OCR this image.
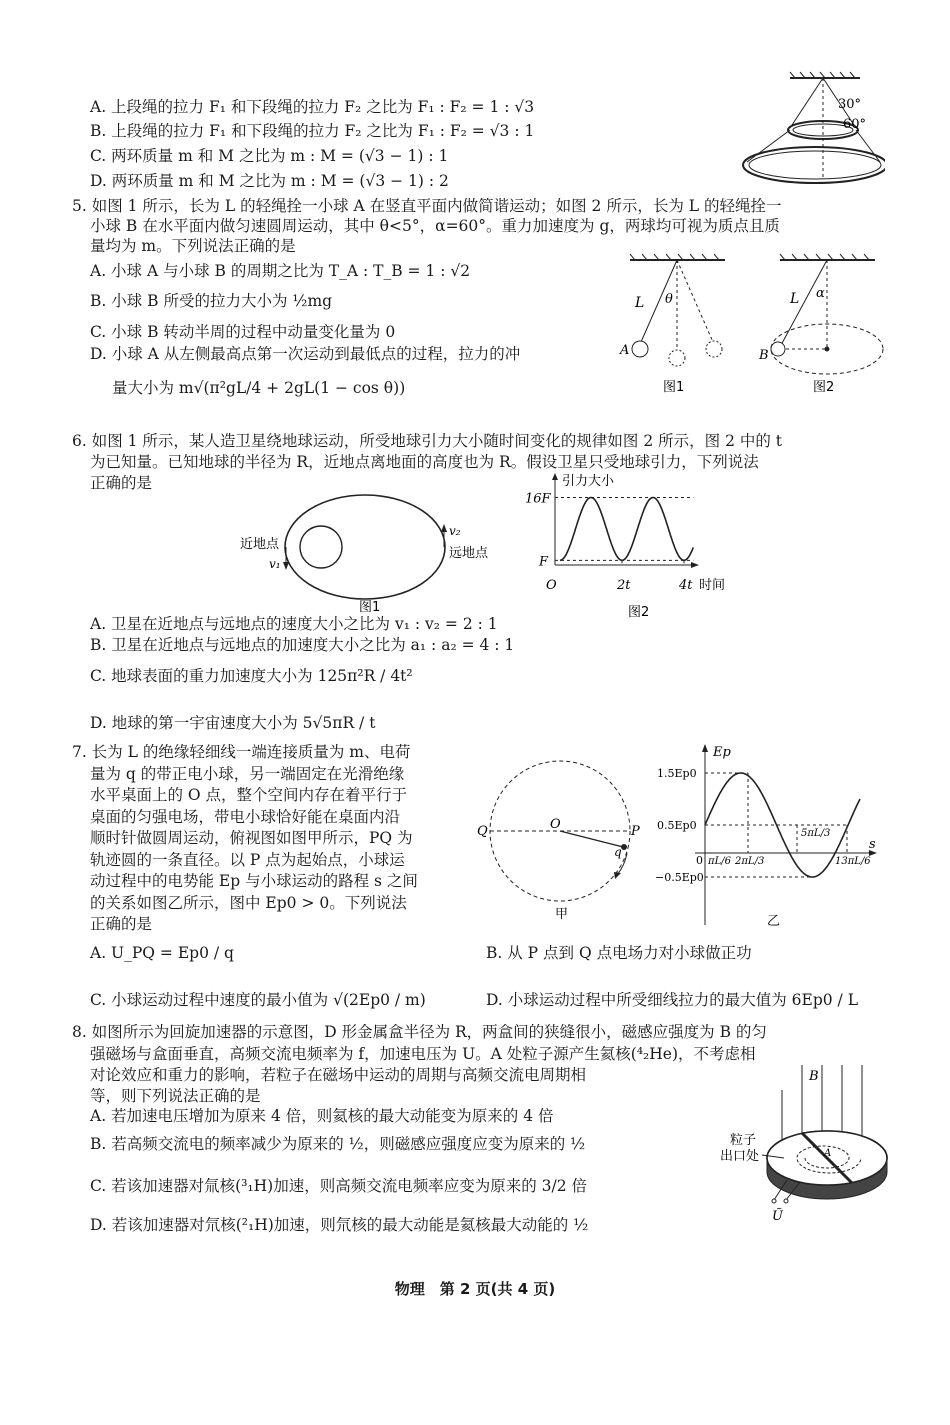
A. 上段绳的拉力 F₁ 和下段绳的拉力 F₂ 之比为 F₁ : F₂ = 1 : √3
B. 上段绳的拉力 F₁ 和下段绳的拉力 F₂ 之比为 F₁ : F₂ = √3 : 1
C. 两环质量 m 和 M 之比为 m : M = (√3 − 1) : 1
D. 两环质量 m 和 M 之比为 m : M = (√3 − 1) : 2
30°
60°
5. 如图 1 所示，长为 L 的轻绳拴一小球 A 在竖直平面内做简谐运动；如图 2 所示，长为 L 的轻绳拴一
小球 B 在水平面内做匀速圆周运动，其中 θ<5°，α=60°。重力加速度为 g，两球均可视为质点且质
量均为 m。下列说法正确的是
A. 小球 A 与小球 B 的周期之比为 T_A : T_B = 1 : √2
B. 小球 B 所受的拉力大小为 ½mg
C. 小球 B 转动半周的过程中动量变化量为 0
D. 小球 A 从左侧最高点第一次运动到最低点的过程，拉力的冲
量大小为 m√(π²gL/4 + 2gL(1 − cos θ))
L θ
A
图1
L α
B
图2
6. 如图 1 所示，某人造卫星绕地球运动，所受地球引力大小随时间变化的规律如图 2 所示，图 2 中的 t
为已知量。已知地球的半径为 R，近地点离地面的高度也为 R。假设卫星只受地球引力，下列说法
正确的是
近地点
v₁
v₂
远地点
图1
引力大小
时间
O	2t	4t
F
16F
图2
A. 卫星在近地点与远地点的速度大小之比为 v₁ : v₂ = 2 : 1
B. 卫星在近地点与远地点的加速度大小之比为 a₁ : a₂ = 4 : 1
C. 地球表面的重力加速度大小为 125π²R / 4t²
D. 地球的第一宇宙速度大小为 5√5πR / t
7. 长为 L 的绝缘轻细线一端连接质量为 m、电荷
量为 q 的带正电小球，另一端固定在光滑绝缘
水平桌面上的 O 点，整个空间内存在着平行于
桌面的匀强电场，带电小球恰好能在桌面内沿
顺时针做圆周运动，俯视图如图甲所示，PQ 为
轨迹圆的一条直径。以 P 点为起始点，小球运
动过程中的电势能 Ep 与小球运动的路程 s 之间
的关系如图乙所示，图中 Ep0 > 0。下列说法
正确的是
Q	O	P
q
甲
Ep
s
1.5Ep0
0.5Ep0
−0.5Ep0
0 πL/6 2πL/3
5πL/3
13πL/6
乙
A. U_PQ = Ep0 / q	B. 从 P 点到 Q 点电场力对小球做正功
C. 小球运动过程中速度的最小值为 √(2Ep0 / m)	D. 小球运动过程中所受细线拉力的最大值为 6Ep0 / L
8. 如图所示为回旋加速器的示意图，D 形金属盒半径为 R，两盒间的狭缝很小，磁感应强度为 B 的匀
强磁场与盒面垂直，高频交流电频率为 f，加速电压为 U。A 处粒子源产生氦核(⁴₂He)，不考虑相
对论效应和重力的影响，若粒子在磁场中运动的周期与高频交流电周期相
等，则下列说法正确的是
A. 若加速电压增加为原来 4 倍，则氦核的最大动能变为原来的 4 倍
B. 若高频交流电的频率减少为原来的 ½，则磁感应强度应变为原来的 ½
C. 若该加速器对氚核(³₁H)加速，则高频交流电频率应变为原来的 3/2 倍
D. 若该加速器对氘核(²₁H)加速，则氘核的最大动能是氦核最大动能的 ½
B
A
粒子
出口处
Ũ
物理　第 2 页(共 4 页)
